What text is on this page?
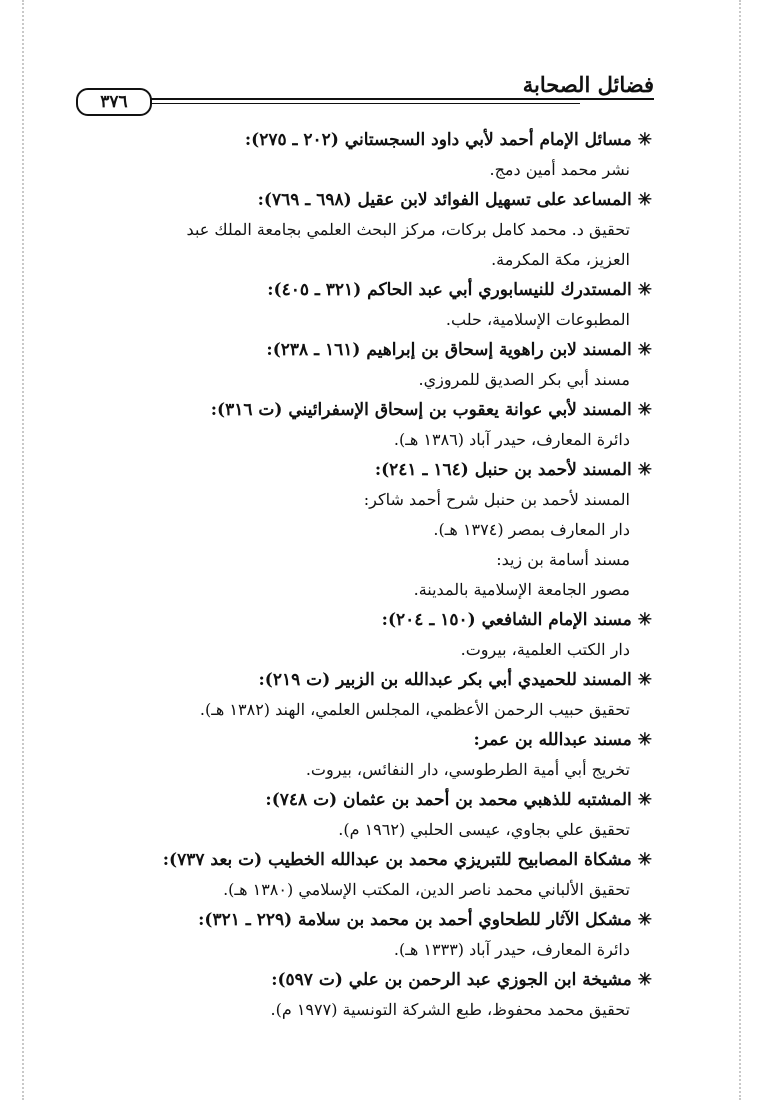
فضائل الصحابة
٣٧٦
✳مسائل الإمام أحمد لأبي داود السجستاني (٢٠٢ ـ ٢٧٥):
نشر محمد أمين دمج.
✳المساعد على تسهيل الفوائد لابن عقيل (٦٩٨ ـ ٧٦٩):
تحقيق د. محمد كامل بركات، مركز البحث العلمي بجامعة الملك عبد
العزيز، مكة المكرمة.
✳المستدرك للنيسابوري أبي عبد الحاكم (٣٢١ ـ ٤٠٥):
المطبوعات الإسلامية، حلب.
✳المسند لابن راهوية إسحاق بن إبراهيم (١٦١ ـ ٢٣٨):
مسند أبي بكر الصديق للمروزي.
✳المسند لأبي عوانة يعقوب بن إسحاق الإسفرائيني (ت ٣١٦):
دائرة المعارف، حيدر آباد (١٣٨٦ هـ).
✳المسند لأحمد بن حنبل (١٦٤ ـ ٢٤١):
المسند لأحمد بن حنبل شرح أحمد شاكر:
دار المعارف بمصر (١٣٧٤ هـ).
مسند أسامة بن زيد:
مصور الجامعة الإسلامية بالمدينة.
✳مسند الإمام الشافعي (١٥٠ ـ ٢٠٤):
دار الكتب العلمية، بيروت.
✳المسند للحميدي أبي بكر عبدالله بن الزبير (ت ٢١٩):
تحقيق حبيب الرحمن الأعظمي، المجلس العلمي، الهند (١٣٨٢ هـ).
✳مسند عبدالله بن عمر:
تخريج أبي أمية الطرطوسي، دار النفائس، بيروت.
✳المشتبه للذهبي محمد بن أحمد بن عثمان (ت ٧٤٨):
تحقيق علي بجاوي، عيسى الحلبي (١٩٦٢ م).
✳مشكاة المصابيح للتبريزي محمد بن عبدالله الخطيب (ت بعد ٧٣٧):
تحقيق الألباني محمد ناصر الدين، المكتب الإسلامي (١٣٨٠ هـ).
✳مشكل الآثار للطحاوي أحمد بن محمد بن سلامة (٢٢٩ ـ ٣٢١):
دائرة المعارف، حيدر آباد (١٣٣٣ هـ).
✳مشيخة ابن الجوزي عبد الرحمن بن علي (ت ٥٩٧):
تحقيق محمد محفوظ، طبع الشركة التونسية (١٩٧٧ م).
